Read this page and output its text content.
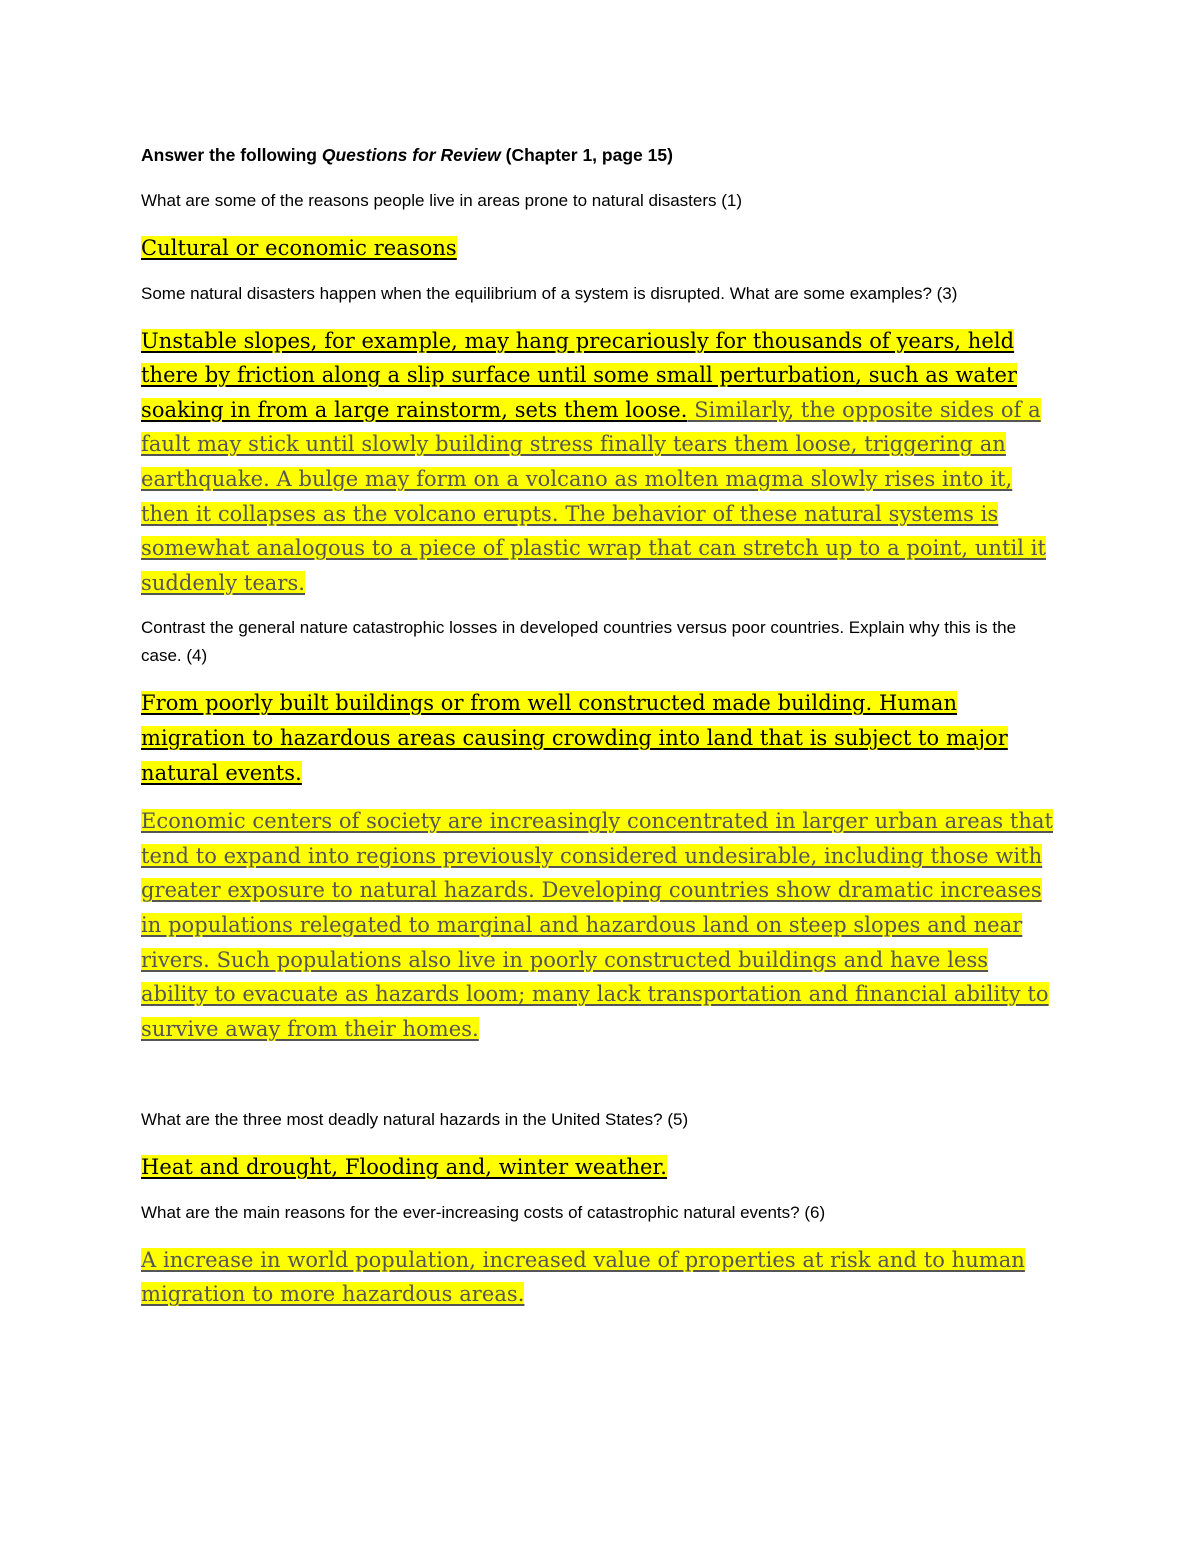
Answer the following Questions for Review (Chapter 1, page 15)

What are some of the reasons people live in areas prone to natural disasters (1)

Cultural or economic reasons

Some natural disasters happen when the equilibrium of a system is disrupted. What are some examples? (3)

Unstable slopes, for example, may hang precariously for thousands of years, held there by friction along a slip surface until some small perturbation, such as water soaking in from a large rainstorm, sets them loose. Similarly, the opposite sides of a fault may stick until slowly building stress finally tears them loose, triggering an earthquake. A bulge may form on a volcano as molten magma slowly rises into it, then it collapses as the volcano erupts. The behavior of these natural systems is somewhat analogous to a piece of plastic wrap that can stretch up to a point, until it suddenly tears.

Contrast the general nature catastrophic losses in developed countries versus poor countries. Explain why this is the case. (4)

From poorly built buildings or from well constructed made building. Human migration to hazardous areas causing crowding into land that is subject to major natural events.

Economic centers of society are increasingly concentrated in larger urban areas that tend to expand into regions previously considered undesirable, including those with greater exposure to natural hazards. Developing countries show dramatic increases in populations relegated to marginal and hazardous land on steep slopes and near rivers. Such populations also live in poorly constructed buildings and have less ability to evacuate as hazards loom; many lack transportation and financial ability to survive away from their homes.

What are the three most deadly natural hazards in the United States? (5)

Heat and drought, Flooding and, winter weather.

What are the main reasons for the ever-increasing costs of catastrophic natural events? (6)

A increase in world population, increased value of properties at risk and to human migration to more hazardous areas.
